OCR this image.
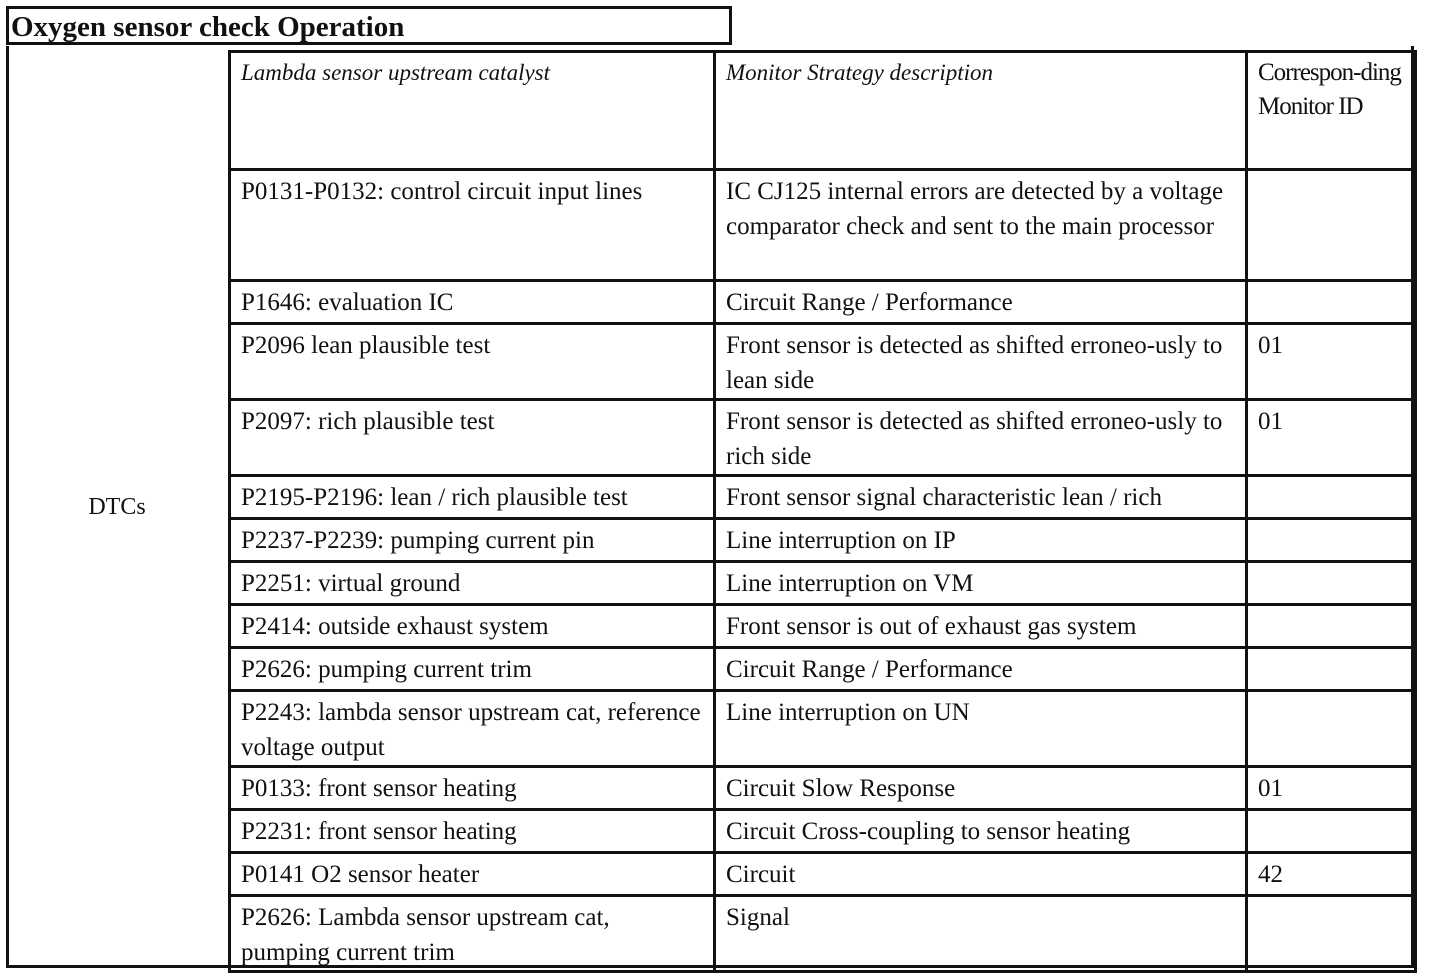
Oxygen sensor check Operation
DTCs
Lambda sensor upstream catalyst	Monitor Strategy description	Correspon-ding Monitor ID
P0131-P0132: control circuit input lines	IC CJ125 internal errors are detected by a voltage comparator check and sent to the main processor	
P1646: evaluation IC	Circuit Range / Performance	
P2096 lean plausible test	Front sensor is detected as shifted erroneo-usly to lean side	01
P2097: rich plausible test	Front sensor is detected as shifted erroneo-usly to rich side	01
P2195-P2196: lean / rich plausible test	Front sensor signal characteristic lean / rich	
P2237-P2239: pumping current pin	Line interruption on IP	
P2251: virtual ground	Line interruption on VM	
P2414: outside exhaust system	Front sensor is out of exhaust gas system	
P2626: pumping current trim	Circuit Range / Performance	
P2243: lambda sensor upstream cat, reference voltage output	Line interruption on UN	
P0133: front sensor heating	Circuit Slow Response	01
P2231: front sensor heating	Circuit Cross-coupling to sensor heating	
P0141 O2 sensor heater	Circuit	42
P2626: Lambda sensor upstream cat, pumping current trim	Signal	
